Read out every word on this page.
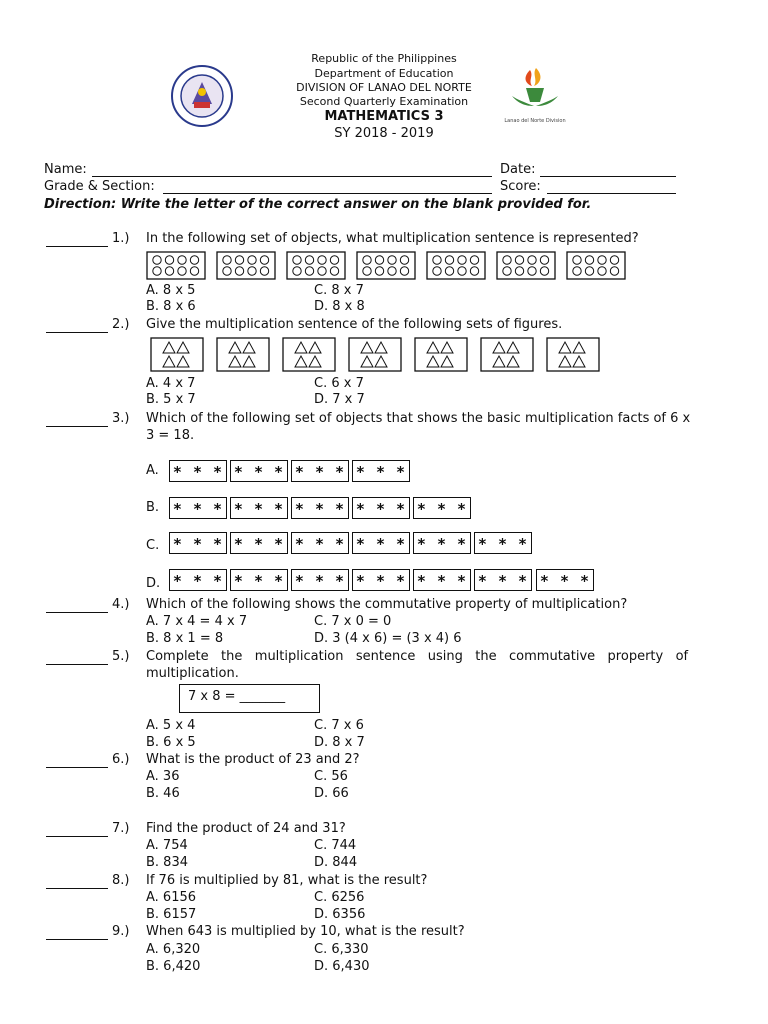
Lanao del Norte Division
Republic of the Philippines
Department of Education
DIVISION OF LANAO DEL NORTE
Second Quarterly Examination
MATHEMATICS 3
SY 2018 - 2019
Name:	Date:
Grade & Section:	Score:
Direction: Write the letter of the correct answer on the blank provided for.
1.) In the following set of objects, what multiplication sentence is represented?
A. 8 x 5
B. 8 x 6
C. 8 x 7
D. 8 x 8
2.) Give the multiplication sentence of the following sets of figures.
A. 4 x 7
B. 5 x 7
C. 6 x 7
D. 7 x 7
3.) Which of the following set of objects that shows the basic multiplication facts of 6 x
3 = 18.
A.
B.
C.
D.
* * * * * * * * * * * *
* * * * * * * * * * * * * * *
* * * * * * * * * * * * * * * * * *
* * * * * * * * * * * * * * * * * * * * *
4.) Which of the following shows the commutative property of multiplication?
A. 7 x 4 = 4 x 7
B. 8 x 1 = 8
C. 7 x 0 = 0
D. 3 (4 x 6) = (3 x 4) 6
5.) Complete   the   multiplication   sentence   using   the   commutative   property   of
multiplication.
7 x 8 = _______
A. 5 x 4
B. 6 x 5
C. 7 x 6
D. 8 x 7
6.) What is the product of 23 and 2?
A. 36
B. 46
C. 56
D. 66
7.) Find the product of 24 and 31?
A. 754
B. 834
C. 744
D. 844
8.) If 76 is multiplied by 81, what is the result?
A. 6156
B. 6157
C. 6256
D. 6356
9.) When 643 is multiplied by 10, what is the result?
A. 6,320
B. 6,420
C. 6,330
D. 6,430
